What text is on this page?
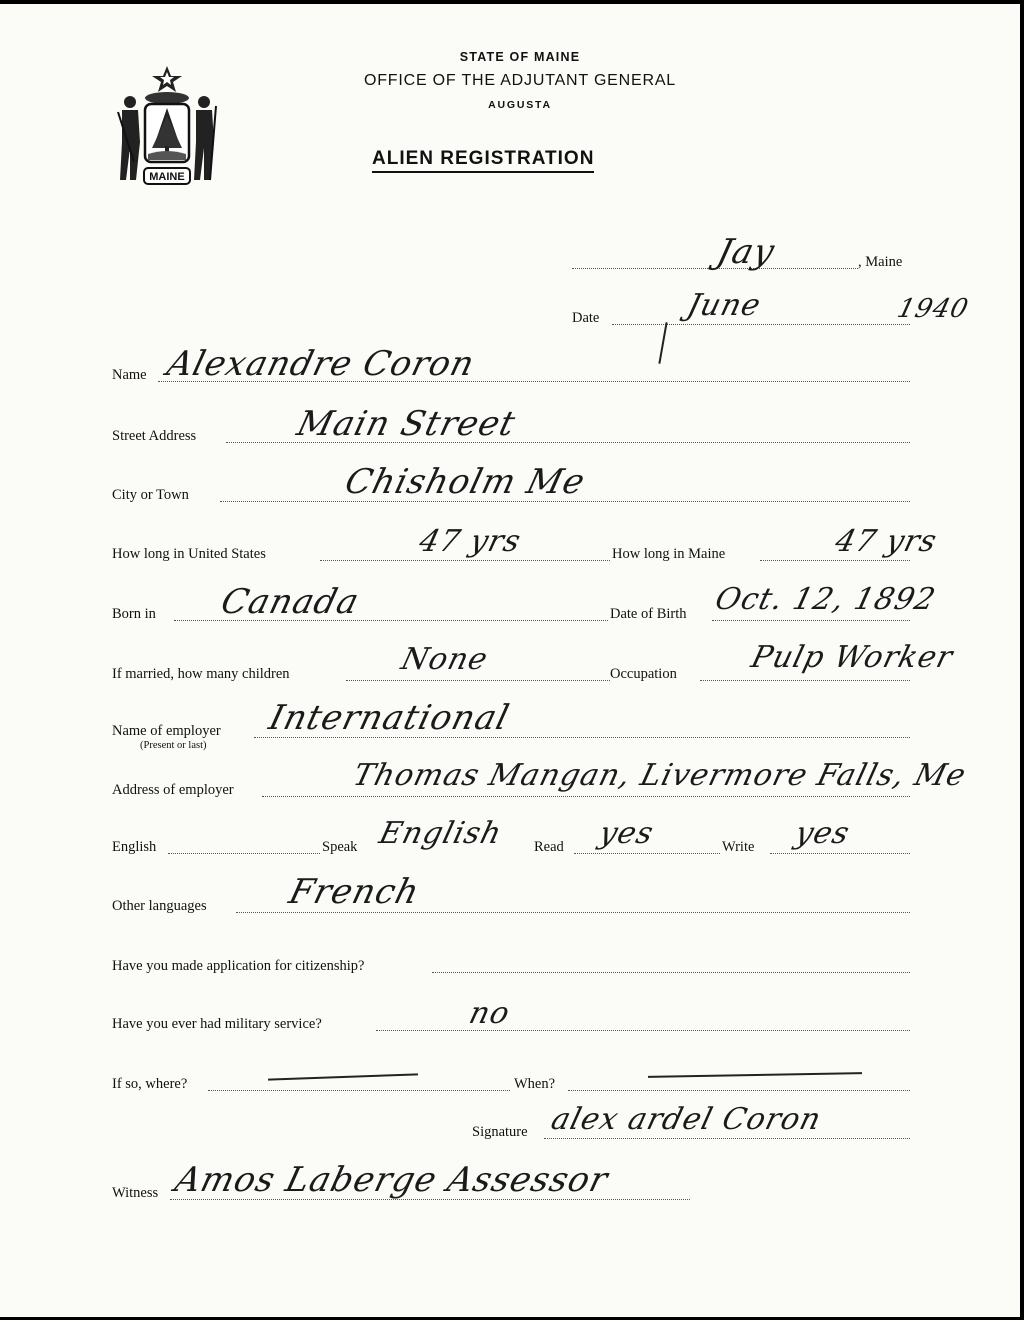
MAINE
STATE OF MAINE
OFFICE OF THE ADJUTANT GENERAL
AUGUSTA
ALIEN REGISTRATION
, Maine
Jay
Date	June	1940
Name Alexandre Coron
Street Address	Main Street
City or Town	Chisholm Me
How long in United States	47 yrs	How long in Maine	47 yrs
Born in Canada	Date of Birth Oct. 12, 1892
If married, how many children	None	Occupation Pulp Worker
Name of employer
(Present or last)
International
Address of employer	Thomas Mangan, Livermore Falls, Me
English	Speak English Read yes	Write yes
Other languages French
Have you made application for citizenship?
Have you ever had military service?	no
If so, where?	When?
Signature alex ardel Coron
Witness Amos Laberge Assessor
